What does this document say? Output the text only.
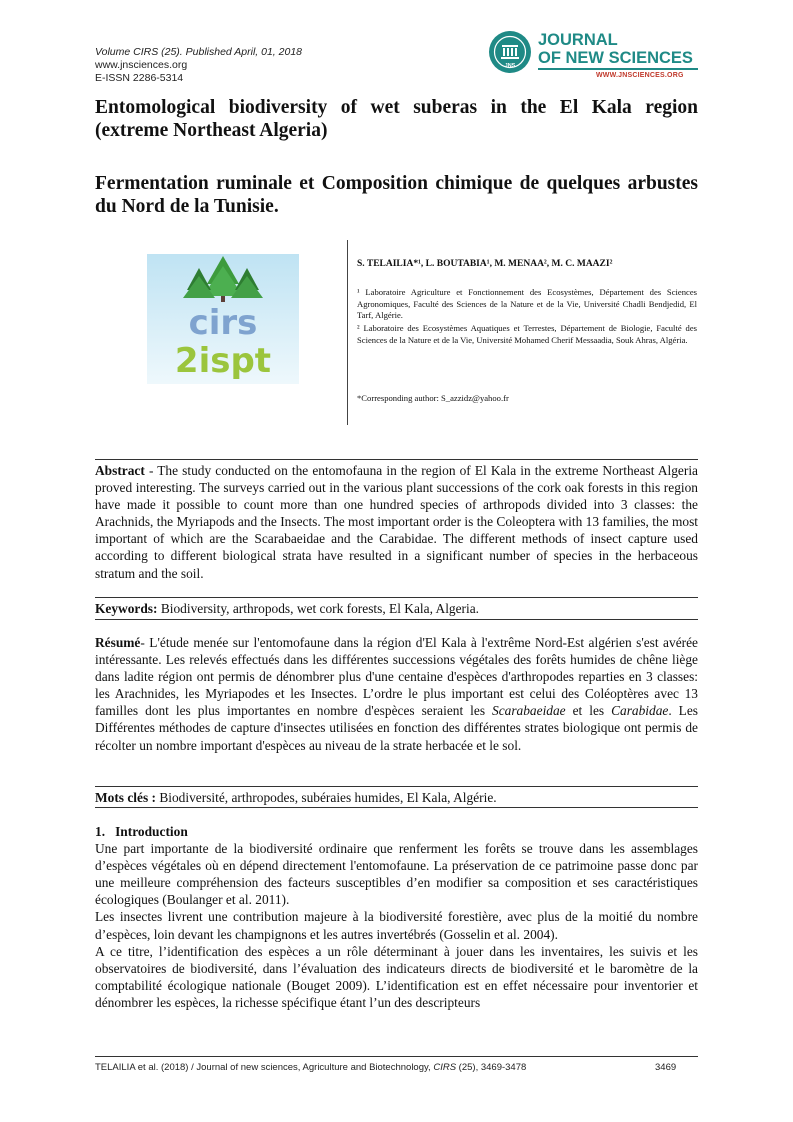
Volume CIRS (25). Published April, 01, 2018
www.jnsciences.org
E-ISSN 2286-5314
JNS
JOURNAL
OF NEW SCIENCES
WWW.JNSCIENCES.ORG
Entomological biodiversity of wet suberas in the El Kala region (extreme Northeast Algeria)
Fermentation ruminale et Composition chimique de quelques arbustes du Nord de la Tunisie.
cirs
2ispt
S. TELAILIA*¹, L. BOUTABIA¹, M. MENAA², M. C. MAAZI²
¹ Laboratoire Agriculture et Fonctionnement des Ecosystèmes, Département des Sciences Agronomiques, Faculté des Sciences de la Nature et de la Vie, Université Chadli Bendjedid, El Tarf, Algérie.
² Laboratoire des Ecosystèmes Aquatiques et Terrestes, Département de Biologie, Faculté des Sciences de la Nature et de la Vie, Université Mohamed Cherif Messaadia, Souk Ahras, Algéria.
*Corresponding author: S_azzidz@yahoo.fr
Abstract - The study conducted on the entomofauna in the region of El Kala in the extreme Northeast Algeria proved interesting. The surveys carried out in the various plant successions of the cork oak forests in this region have made it possible to count more than one hundred species of arthropods divided into 3 classes: the Arachnids, the Myriapods and the Insects. The most important order is the Coleoptera with 13 families, the most important of which are the Scarabaeidae and the Carabidae. The different methods of insect capture used according to different biological strata have resulted in a significant number of species in the herbaceous stratum and the soil.
Keywords: Biodiversity, arthropods, wet cork forests, El Kala, Algeria.
Résumé- L'étude menée sur l'entomofaune dans la région d'El Kala à l'extrême Nord-Est algérien s'est avérée intéressante. Les relevés effectués dans les différentes successions végétales des forêts humides de chêne liège dans ladite région ont permis de dénombrer plus d'une centaine d'espèces d'arthropodes reparties en 3 classes: les Arachnides, les Myriapodes et les Insectes. L’ordre le plus important est celui des Coléoptères avec 13 familles dont les plus importantes en nombre d'espèces seraient les Scarabaeidae et les Carabidae. Les Différentes méthodes de capture d'insectes utilisées en fonction des différentes strates biologique ont permis de récolter un nombre important d'espèces au niveau de la strate herbacée et le sol.
Mots clés : Biodiversité, arthropodes, subéraies humides, El Kala, Algérie.
1.   Introduction
Une part importante de la biodiversité ordinaire que renferment les forêts se trouve dans les assemblages d’espèces végétales où en dépend directement l'entomofaune. La préservation de ce patrimoine passe donc par une meilleure compréhension des facteurs susceptibles d’en modifier sa composition et ses caractéristiques écologiques (Boulanger et al. 2011).
Les insectes livrent une contribution majeure à la biodiversité forestière, avec plus de la moitié du nombre d’espèces, loin devant les champignons et les autres invertébrés (Gosselin et al. 2004).
A ce titre, l’identification des espèces a un rôle déterminant à jouer dans les inventaires, les suivis et les observatoires de biodiversité, dans l’évaluation des indicateurs directs de biodiversité et le baromètre de la comptabilité écologique nationale (Bouget 2009). L’identification est en effet nécessaire pour inventorier et dénombrer les espèces, la richesse spécifique étant l’un des descripteurs
TELAILIA et al. (2018) / Journal of new sciences, Agriculture and Biotechnology, CIRS (25), 3469-3478	3469
